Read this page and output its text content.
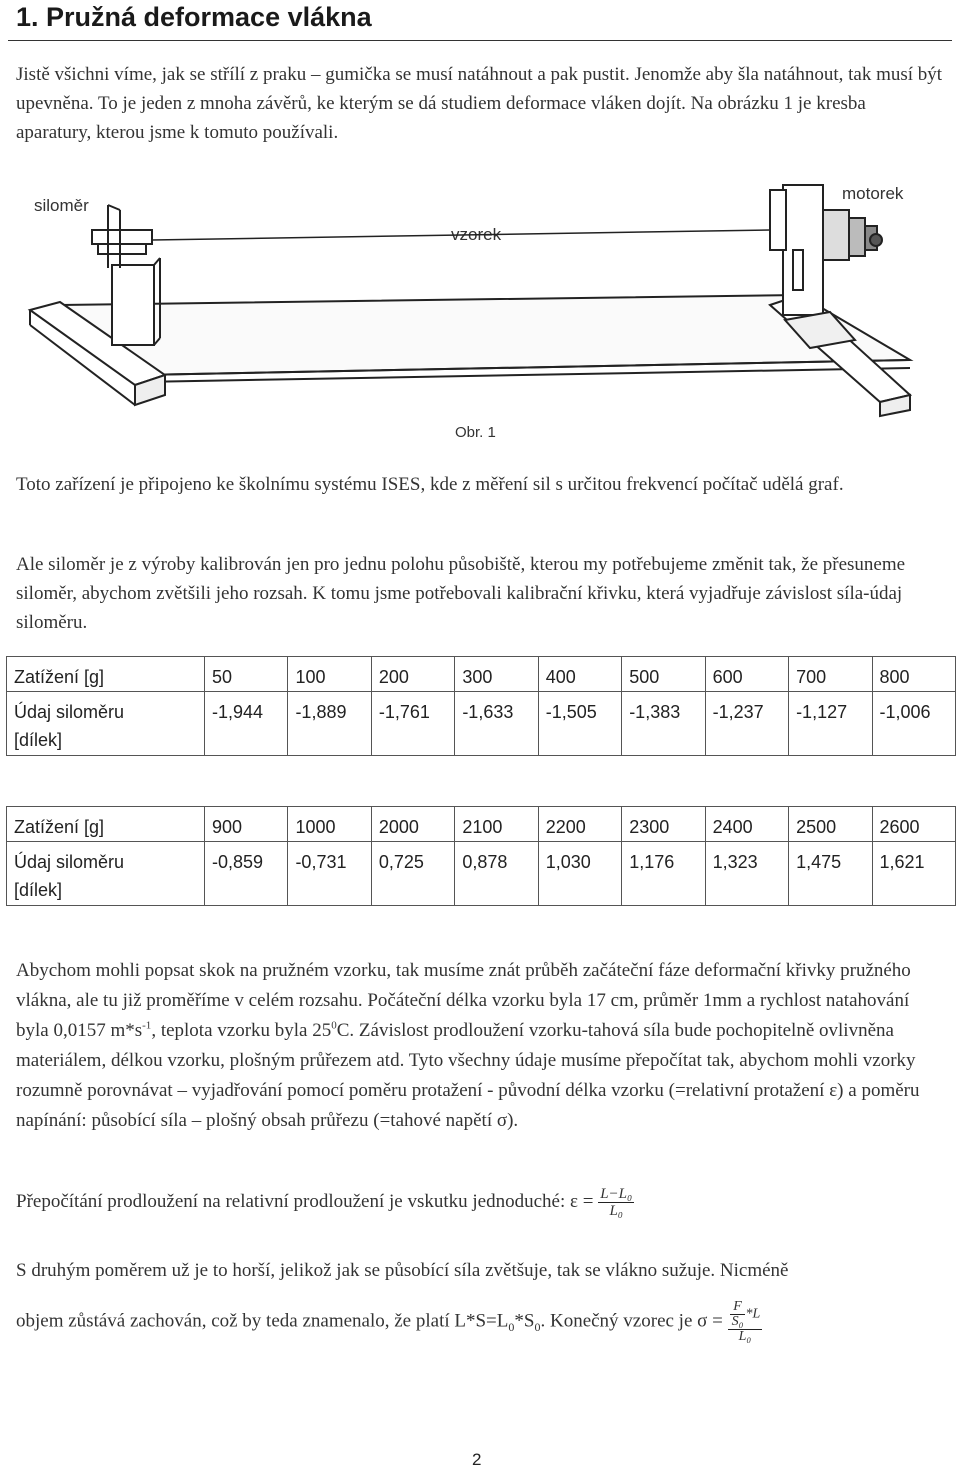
1. Pružná deformace vlákna

Jistě všichni víme, jak se střílí z praku – gumička se musí natáhnout a pak pustit. Jenomže aby šla natáhnout, tak musí být upevněna. To je jeden z mnoha závěrů, ke kterým se dá studiem deformace vláken dojít. Na obrázku 1 je kresba aparatury, kterou jsme k tomuto používali.

siloměr
vzorek
motorek
Obr. 1

Toto zařízení je připojeno ke školnímu systému ISES, kde z měření sil s určitou frekvencí počítač udělá graf.

Ale siloměr je z výroby kalibrován jen pro jednu polohu působiště, kterou my potřebujeme změnit tak, že přesuneme siloměr, abychom zvětšili jeho rozsah. K tomu jsme potřebovali kalibrační křivku, která vyjadřuje závislost síla-údaj siloměru.

Zatížení [g]	50	100	200	300	400	500	600	700	800

Údaj siloměru
[dílek]	-1,944	-1,889	-1,761	-1,633	-1,505	-1,383	-1,237	-1,127	-1,006
Zatížení [g]	900	1000	2000	2100	2200	2300	2400	2500	2600

Údaj siloměru
[dílek]	-0,859	-0,731	0,725	0,878	1,030	1,176	1,323	1,475	1,621

Abychom mohli popsat skok na pružném vzorku, tak musíme znát průběh začáteční fáze deformační křivky pružného vlákna, ale tu již proměříme v celém rozsahu. Počáteční délka vzorku byla 17 cm, průměr 1mm a rychlost natahování byla 0,0157 $m*s^{-1}$, teplota vzorku byla $25^0C$. Závislost prodloužení vzorku-tahová síla bude pochopitelně ovlivněna materiálem, délkou vzorku, plošným průřezem atd. Tyto všechny údaje musíme přepočítat tak, abychom mohli vzorky rozumně porovnávat – vyjadřování pomocí poměru protažení - původní délka vzorku (=relativní protažení ε) a poměru napínání: působící síla – plošný obsah průřezu (=tahové napětí σ).

Přepočítání prodloužení na relativní prodloužení je vskutku jednoduché: $\varepsilon = \frac{\text{L−L₀}}{\text{L₀}}$

S druhým poměrem už je to horší, jelikož jak se působící síla zvětšuje, tak se vlákno sužuje. Nicméně

objem zůstává zachován, což by teda znamenalo, že platí $L*S=L_0*S_0$. Konečný vzorec je $\sigma = \frac{\frac{F}{\text{S₀}} *L}{\text{L₀}}$

2
